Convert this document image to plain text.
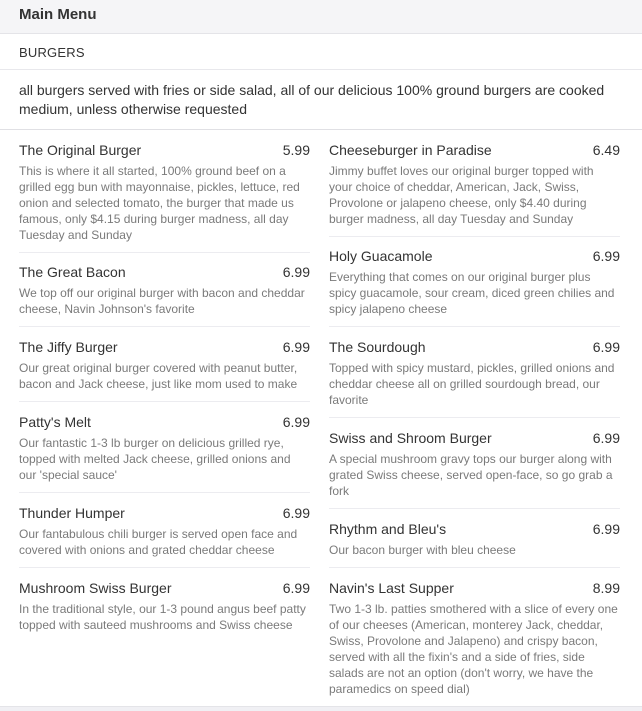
Main Menu
BURGERS
all burgers served with fries or side salad, all of our delicious 100% ground burgers are cooked medium, unless otherwise requested
The Original Burger	5.99
This is where it all started, 100% ground beef on a grilled egg bun with mayonnaise, pickles, lettuce, red onion and selected tomato, the burger that made us famous, only $4.15 during burger madness, all day Tuesday and Sunday
The Great Bacon	6.99
We top off our original burger with bacon and cheddar cheese, Navin Johnson's favorite
The Jiffy Burger	6.99
Our great original burger covered with peanut butter, bacon and Jack cheese, just like mom used to make
Patty's Melt	6.99
Our fantastic 1-3 lb burger on delicious grilled rye, topped with melted Jack cheese, grilled onions and our 'special sauce'
Thunder Humper	6.99
Our fantabulous chili burger is served open face and covered with onions and grated cheddar cheese
Mushroom Swiss Burger	6.99
In the traditional style, our 1-3 pound angus beef patty topped with sauteed mushrooms and Swiss cheese
Cheeseburger in Paradise	6.49
Jimmy buffet loves our original burger topped with your choice of cheddar, American, Jack, Swiss, Provolone or jalapeno cheese, only $4.40 during burger madness, all day Tuesday and Sunday
Holy Guacamole	6.99
Everything that comes on our original burger plus spicy guacamole, sour cream, diced green chilies and spicy jalapeno cheese
The Sourdough	6.99
Topped with spicy mustard, pickles, grilled onions and cheddar cheese all on grilled sourdough bread, our favorite
Swiss and Shroom Burger	6.99
A special mushroom gravy tops our burger along with grated Swiss cheese, served open-face, so go grab a fork
Rhythm and Bleu's	6.99
Our bacon burger with bleu cheese
Navin's Last Supper	8.99
Two 1-3 lb. patties smothered with a slice of every one of our cheeses (American, monterey Jack, cheddar, Swiss, Provolone and Jalapeno) and crispy bacon, served with all the fixin's and a side of fries, side salads are not an option (don't worry, we have the paramedics on speed dial)
